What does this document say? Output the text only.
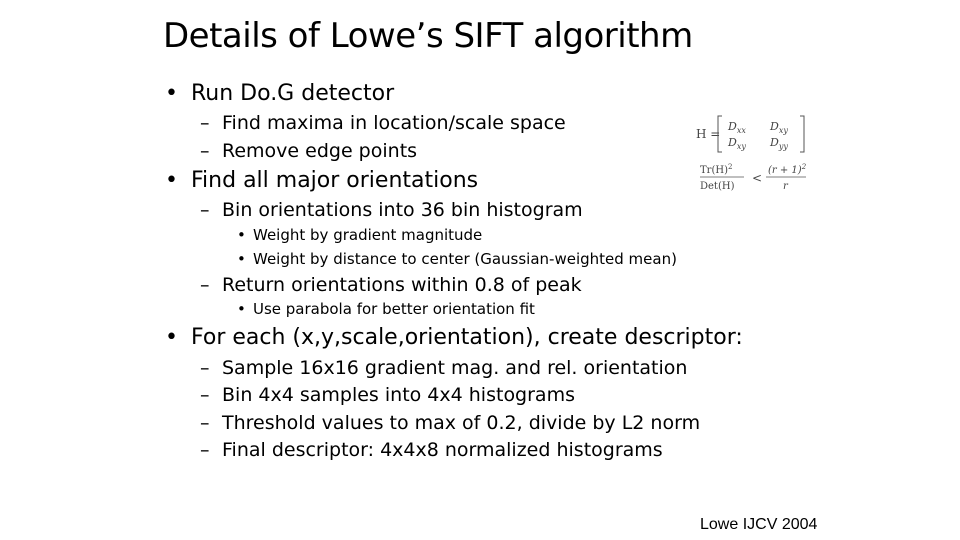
Details of Lowe’s SIFT algorithm
• Run Do.G detector
– Find maxima in location/scale space
– Remove edge points
• Find all major orientations
– Bin orientations into 36 bin histogram
• Weight by gradient magnitude
• Weight by distance to center (Gaussian-weighted mean)
– Return orientations within 0.8 of peak
• Use parabola for better orientation fit
• For each (x,y,scale,orientation), create descriptor:
– Sample 16x16 gradient mag. and rel. orientation
– Bin 4x4 samples into 4x4 histograms
– Threshold values to max of 0.2, divide by L2 norm
– Final descriptor: 4x4x8 normalized histograms
H =
$D_{xx}$ $D_{xy}$
$D_{xy}$ $D_{yy}$
$Tr(H)^2$
Det(H)
<
$(r + 1)^2$
r
Lowe IJCV 2004
